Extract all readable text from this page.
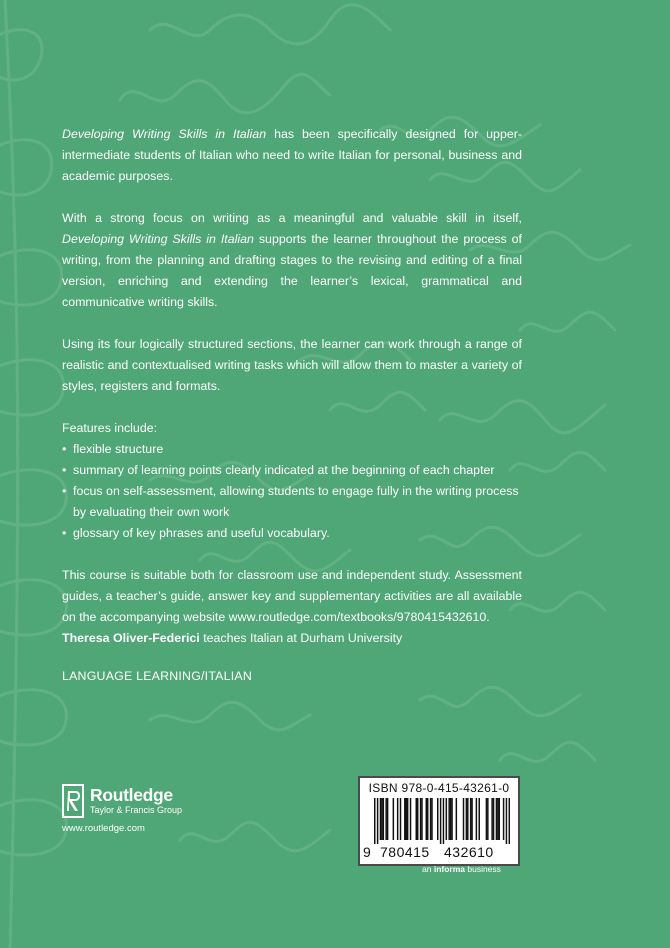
Developing Writing Skills in Italian has been specifically designed for upper-intermediate students of Italian who need to write Italian for personal, business and academic purposes.

With a strong focus on writing as a meaningful and valuable skill in itself, Developing Writing Skills in Italian supports the learner throughout the process of writing, from the planning and drafting stages to the revising and editing of a final version, enriching and extending the learner’s lexical, grammatical and communicative writing skills.

Using its four logically structured sections, the learner can work through a range of realistic and contextualised writing tasks which will allow them to master a variety of styles, registers and formats.

Features include:

• flexible structure
• summary of learning points clearly indicated at the beginning of each chapter
• focus on self-assessment, allowing students to engage fully in the writing process by evaluating their own work
• glossary of key phrases and useful vocabulary.

This course is suitable both for classroom use and independent study. Assessment guides, a teacher’s guide, answer key and supplementary activities are all available on the accompanying website www.routledge.com/textbooks/9780415432610.

Theresa Oliver-Federici teaches Italian at Durham University
LANGUAGE LEARNING/ITALIAN
Routledge
Taylor & Francis Group
www.routledge.com
ISBN 978-0-415-43261-0
9 780415 432610
an informa business
